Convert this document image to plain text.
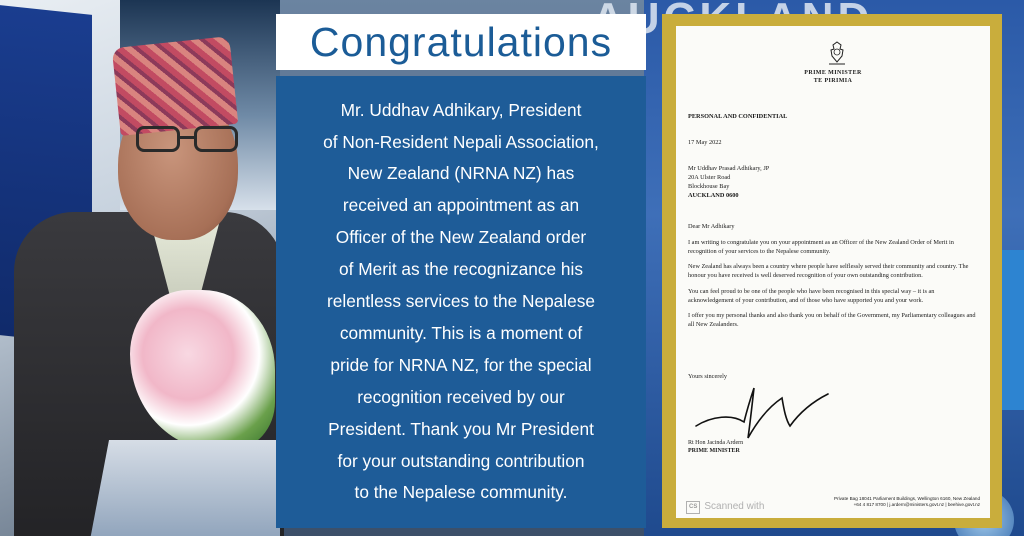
Congratulations
Mr. Uddhav Adhikary, President
of Non-Resident Nepali Association,
New Zealand (NRNA NZ) has
received an appointment as an
Officer of the New Zealand order
of Merit as the recognizance his
relentless services to the Nepalese
community. This is a moment of
pride for NRNA NZ, for the special
recognition received by our
President. Thank you Mr President
for your outstanding contribution
to the Nepalese community.
PRIME MINISTER
TE PIRIMIA
PERSONAL AND CONFIDENTIAL
17 May 2022
Mr Uddhav Prasad Adhikary, JP
20A Ulster Road
Blockhouse Bay
AUCKLAND 0600
Dear Mr Adhikary

I am writing to congratulate you on your appointment as an Officer of the New Zealand Order of Merit in recognition of your services to the Nepalese community.

New Zealand has always been a country where people have selflessly served their community and country. The honour you have received is well deserved recognition of your own outstanding contribution.

You can feel proud to be one of the people who have been recognised in this special way – it is an acknowledgement of your contribution, and of those who have supported you and your work.

I offer you my personal thanks and also thank you on behalf of the Government, my Parliamentary colleagues and all New Zealanders.

Yours sincerely
Rt Hon Jacinda Ardern
PRIME MINISTER
CS Scanned with
Private Bag 18041 Parliament Buildings, Wellington 6160, New Zealand
+64 4 817 8700 | j.ardern@ministers.govt.nz | beehive.govt.nz
